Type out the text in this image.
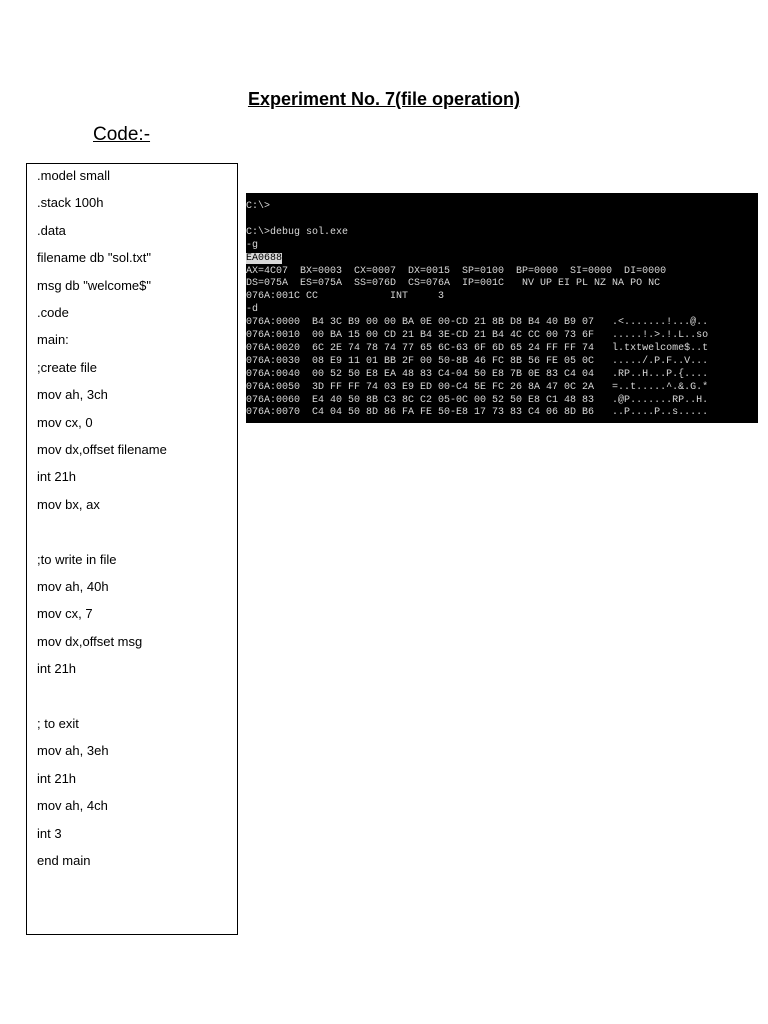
Experiment No. 7(file operation)
Code:-
.model small
.stack 100h
.data
filename db "sol.txt"
msg db "welcome$"
.code
main:
;create file
mov ah, 3ch
mov cx, 0
mov dx,offset filename
int 21h
mov bx, ax
;to write in file
mov ah, 40h
mov cx, 7
mov dx,offset msg
int 21h
; to exit
mov ah, 3eh
int 21h
mov ah, 4ch
int 3
end main
C:\>
C:\>debug sol.exe
-g
EA0688
AX=4C07  BX=0003  CX=0007  DX=0015  SP=0100  BP=0000  SI=0000  DI=0000
DS=075A  ES=075A  SS=076D  CS=076A  IP=001C   NV UP EI PL NZ NA PO NC
076A:001C CC            INT     3
-d
076A:0000  B4 3C B9 00 00 BA 0E 00-CD 21 8B D8 B4 40 B9 07   .<.......!...@..
076A:0010  00 BA 15 00 CD 21 B4 3E-CD 21 B4 4C CC 00 73 6F   .....!.>.!.L..so
076A:0020  6C 2E 74 78 74 77 65 6C-63 6F 6D 65 24 FF FF 74   l.txtwelcome$..t
076A:0030  08 E9 11 01 BB 2F 00 50-8B 46 FC 8B 56 FE 05 0C   ...../.P.F..V...
076A:0040  00 52 50 E8 EA 48 83 C4-04 50 E8 7B 0E 83 C4 04   .RP..H...P.{....
076A:0050  3D FF FF 74 03 E9 ED 00-C4 5E FC 26 8A 47 0C 2A   =..t.....^.&.G.*
076A:0060  E4 40 50 8B C3 8C C2 05-0C 00 52 50 E8 C1 48 83   .@P.......RP..H.
076A:0070  C4 04 50 8D 86 FA FE 50-E8 17 73 83 C4 06 8D B6   ..P....P..s.....
